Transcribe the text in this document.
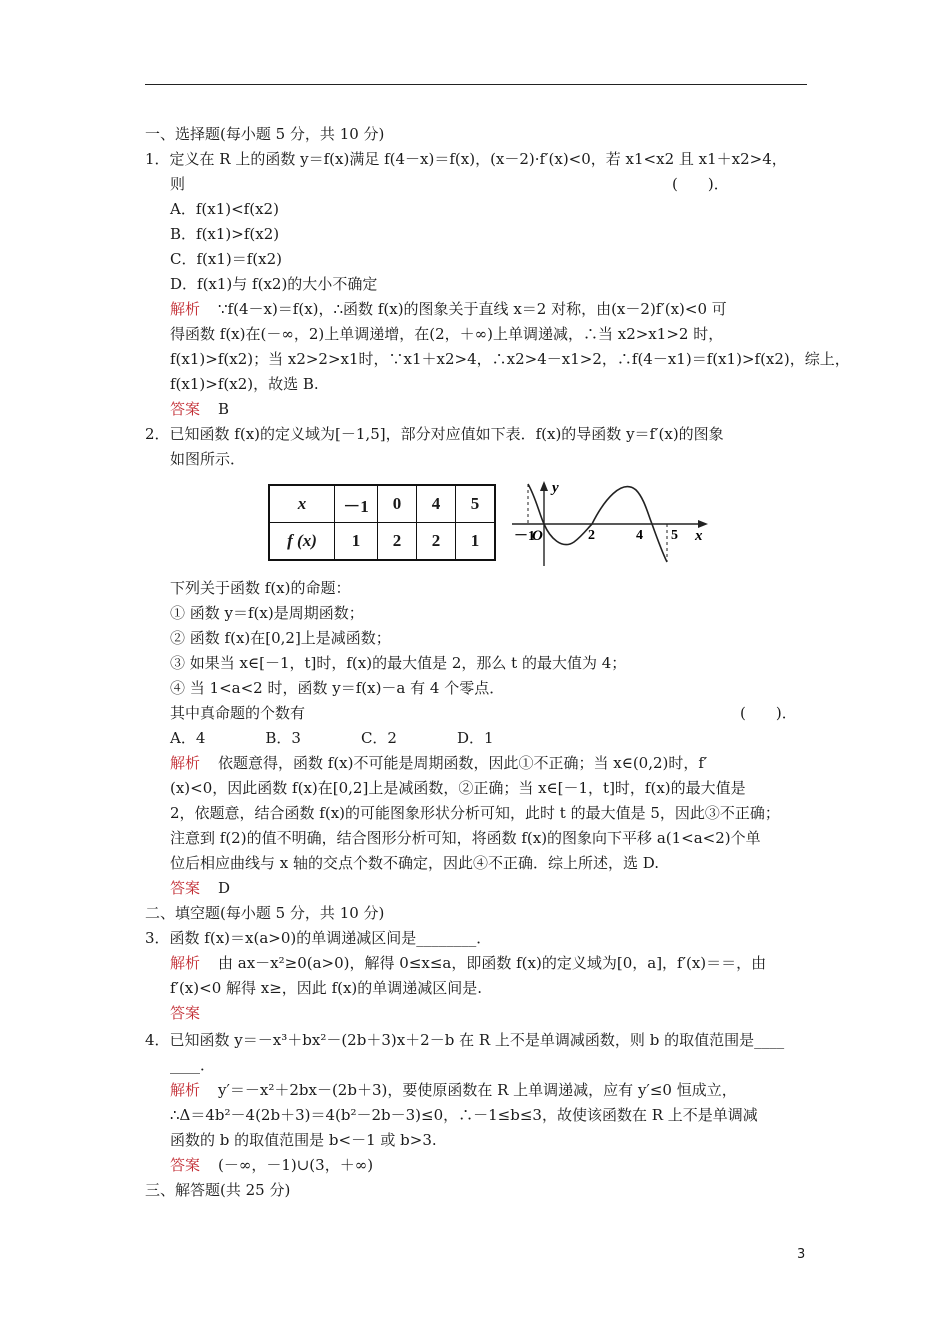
一、选择题(每小题 5 分，共 10 分)
1．定义在 R 上的函数 y＝f(x)满足 f(4－x)＝f(x)，(x－2)·f′(x)<0，若 x1<x2 且 x1＋x2>4，
则	(　　)．
A．f(x1)<f(x2)
B．f(x1)>f(x2)
C．f(x1)＝f(x2)
D．f(x1)与 f(x2)的大小不确定
解析 ∵f(4－x)＝f(x)，∴函数 f(x)的图象关于直线 x＝2 对称，由(x－2)f′(x)<0 可
得函数 f(x)在(－∞，2)上单调递增，在(2，＋∞)上单调递减，∴当 x2>x1>2 时，
f(x1)>f(x2)；当 x2>2>x1时，∵x1＋x2>4，∴x2>4－x1>2，∴f(4－x1)＝f(x1)>f(x2)，综上，
f(x1)>f(x2)，故选 B.
答案 B
2．已知函数 f(x)的定义域为[－1,5]，部分对应值如下表．f(x)的导函数 y＝f′(x)的图象
如图所示．
x	－1	0	4	5
f (x)	1	2	2	1
y
x
－1
O	2	4 5
下列关于函数 f(x)的命题：
① 函数 y＝f(x)是周期函数；
② 函数 f(x)在[0,2]上是减函数；
③ 如果当 x∈[－1，t]时，f(x)的最大值是 2，那么 t 的最大值为 4；
④ 当 1<a<2 时，函数 y＝f(x)－a 有 4 个零点．
其中真命题的个数有	(　　)．
A．4　　　　B．3　　　　C．2　　　　D．1
解析 依题意得，函数 f(x)不可能是周期函数，因此①不正确；当 x∈(0,2)时，f′
(x)<0，因此函数 f(x)在[0,2]上是减函数，②正确；当 x∈[－1，t]时，f(x)的最大值是
2，依题意，结合函数 f(x)的可能图象形状分析可知，此时 t 的最大值是 5，因此③不正确；
注意到 f(2)的值不明确，结合图形分析可知，将函数 f(x)的图象向下平移 a(1<a<2)个单
位后相应曲线与 x 轴的交点个数不确定，因此④不正确．综上所述，选 D.
答案 D
二、填空题(每小题 5 分，共 10 分)
3．函数 f(x)＝x(a>0)的单调递减区间是________．
解析 由 ax－x²≥0(a>0)，解得 0≤x≤a，即函数 f(x)的定义域为[0，a]，f′(x)＝＝，由
f′(x)<0 解得 x≥，因此 f(x)的单调递减区间是.
答案
4．已知函数 y＝－x³＋bx²－(2b＋3)x＋2－b 在 R 上不是单调减函数，则 b 的取值范围是____
____．
解析 y′＝－x²＋2bx－(2b＋3)，要使原函数在 R 上单调递减，应有 y′≤0 恒成立，
∴Δ＝4b²－4(2b＋3)＝4(b²－2b－3)≤0，∴－1≤b≤3，故使该函数在 R 上不是单调减
函数的 b 的取值范围是 b<－1 或 b>3.
答案 (－∞，－1)∪(3，＋∞)
三、解答题(共 25 分)
3
